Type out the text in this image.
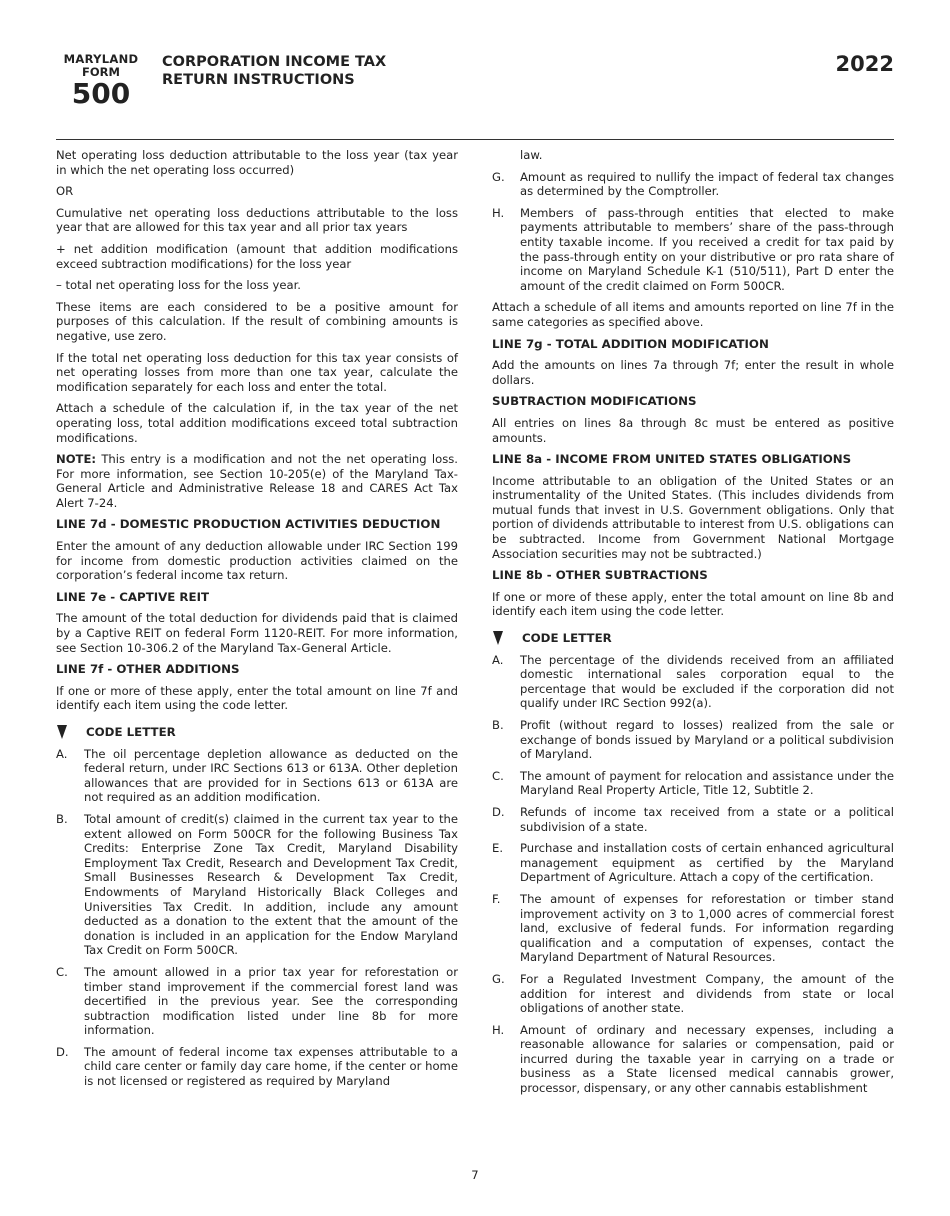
MARYLAND
FORM
500
CORPORATION INCOME TAX
RETURN INSTRUCTIONS
2022

Net operating loss deduction attributable to the loss year (tax year in which the net operating loss occurred)

OR

Cumulative net operating loss deductions attributable to the loss year that are allowed for this tax year and all prior tax years

+ net addition modification (amount that addition modifications exceed subtraction modifications) for the loss year

– total net operating loss for the loss year.

These items are each considered to be a positive amount for purposes of this calculation. If the result of combining amounts is negative, use zero.

If the total net operating loss deduction for this tax year consists of net operating losses from more than one tax year, calculate the modification separately for each loss and enter the total.

Attach a schedule of the calculation if, in the tax year of the net operating loss, total addition modifications exceed total subtraction modifications.

NOTE: This entry is a modification and not the net operating loss. For more information, see Section 10-205(e) of the Maryland Tax-General Article and Administrative Release 18 and CARES Act Tax Alert 7-24.

LINE 7d - DOMESTIC PRODUCTION ACTIVITIES DEDUCTION

Enter the amount of any deduction allowable under IRC Section 199 for income from domestic production activities claimed on the corporation’s federal income tax return.

LINE 7e - CAPTIVE REIT

The amount of the total deduction for dividends paid that is claimed by a Captive REIT on federal Form 1120-REIT. For more information, see Section 10-306.2 of the Maryland Tax-General Article.

LINE 7f - OTHER ADDITIONS

If one or more of these apply, enter the total amount on line 7f and identify each item using the code letter.

CODE LETTER
A.	The oil percentage depletion allowance as deducted on the federal return, under IRC Sections 613 or 613A. Other depletion allowances that are provided for in Sections 613 or 613A are not required as an addition modification.
B.	Total amount of credit(s) claimed in the current tax year to the extent allowed on Form 500CR for the following Business Tax Credits: Enterprise Zone Tax Credit, Maryland Disability Employment Tax Credit, Research and Development Tax Credit, Small Businesses Research & Development Tax Credit, Endowments of Maryland Historically Black Colleges and Universities Tax Credit. In addition, include any amount deducted as a donation to the extent that the amount of the donation is included in an application for the Endow Maryland Tax Credit on Form 500CR.
C.	The amount allowed in a prior tax year for reforestation or timber stand improvement if the commercial forest land was decertified in the previous year. See the corresponding subtraction modification listed under line 8b for more information.
D.	The amount of federal income tax expenses attributable to a child care center or family day care home, if the center or home is not licensed or registered as required by Maryland

law.

G.	Amount as required to nullify the impact of federal tax changes as determined by the Comptroller.
H.	Members of pass-through entities that elected to make payments attributable to members’ share of the pass-through entity taxable income. If you received a credit for tax paid by the pass-through entity on your distributive or pro rata share of income on Maryland Schedule K-1 (510/511), Part D enter the amount of the credit claimed on Form 500CR.

Attach a schedule of all items and amounts reported on line 7f in the same categories as specified above.

LINE 7g - TOTAL ADDITION MODIFICATION

Add the amounts on lines 7a through 7f; enter the result in whole dollars.

SUBTRACTION MODIFICATIONS

All entries on lines 8a through 8c must be entered as positive amounts.

LINE 8a - INCOME FROM UNITED STATES OBLIGATIONS

Income attributable to an obligation of the United States or an instrumentality of the United States. (This includes dividends from mutual funds that invest in U.S. Government obligations. Only that portion of dividends attributable to interest from U.S. obligations can be subtracted. Income from Government National Mortgage Association securities may not be subtracted.)

LINE 8b - OTHER SUBTRACTIONS

If one or more of these apply, enter the total amount on line 8b and identify each item using the code letter.

CODE LETTER
A.	The percentage of the dividends received from an affiliated domestic international sales corporation equal to the percentage that would be excluded if the corporation did not qualify under IRC Section 992(a).
B.	Profit (without regard to losses) realized from the sale or exchange of bonds issued by Maryland or a political subdivision of Maryland.
C.	The amount of payment for relocation and assistance under the Maryland Real Property Article, Title 12, Subtitle 2.
D.	Refunds of income tax received from a state or a political subdivision of a state.
E.	Purchase and installation costs of certain enhanced agricultural management equipment as certified by the Maryland Department of Agriculture. Attach a copy of the certification.
F.	The amount of expenses for reforestation or timber stand improvement activity on 3 to 1,000 acres of commercial forest land, exclusive of federal funds. For information regarding qualification and a computation of expenses, contact the Maryland Department of Natural Resources.
G.	For a Regulated Investment Company, the amount of the addition for interest and dividends from state or local obligations of another state.
H.	Amount of ordinary and necessary expenses, including a reasonable allowance for salaries or compensation, paid or incurred during the taxable year in carrying on a trade or business as a State licensed medical cannabis grower, processor, dispensary, or any other cannabis establishment
7
